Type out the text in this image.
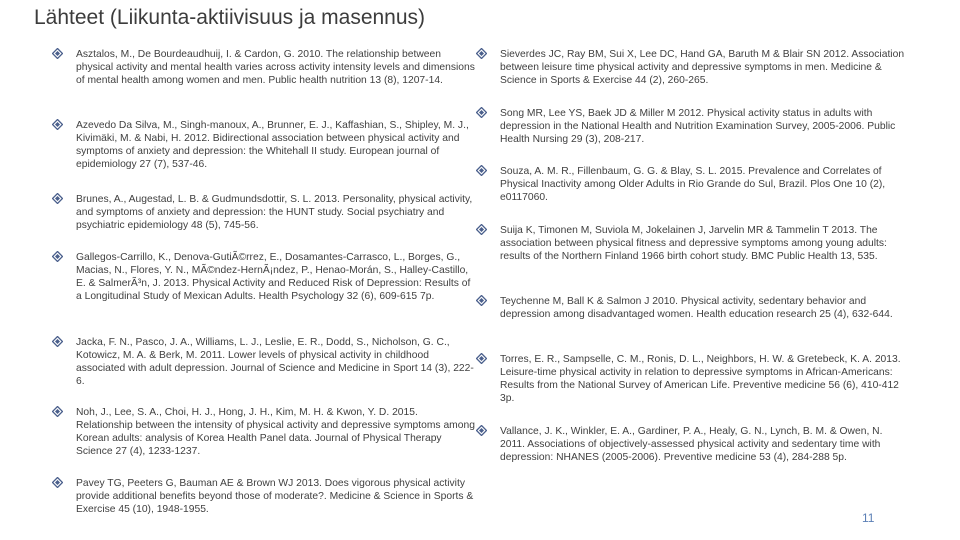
Lähteet (Liikunta-aktiivisuus ja masennus)
Asztalos, M., De Bourdeaudhuij, I. & Cardon, G. 2010. The relationship between physical activity and mental health varies across activity intensity levels and dimensions of mental health among women and men. Public health nutrition 13 (8), 1207-14.
Azevedo Da Silva, M., Singh-manoux, A., Brunner, E. J., Kaffashian, S., Shipley, M. J., Kivimäki, M. & Nabi, H. 2012. Bidirectional association between physical activity and symptoms of anxiety and depression: the Whitehall II study. European journal of epidemiology 27 (7), 537-46.
Brunes, A., Augestad, L. B. & Gudmundsdottir, S. L. 2013. Personality, physical activity, and symptoms of anxiety and depression: the HUNT study. Social psychiatry and psychiatric epidemiology 48 (5), 745-56.
Gallegos-Carrillo, K., Denova-GutiÃ©rrez, E., Dosamantes-Carrasco, L., Borges, G., Macias, N., Flores, Y. N., MÃ©ndez-HernÃ¡ndez, P., Henao-Morán, S., Halley-Castillo, E. & SalmerÃ³n, J. 2013. Physical Activity and Reduced Risk of Depression: Results of a Longitudinal Study of Mexican Adults. Health Psychology 32 (6), 609-615 7p.
Jacka, F. N., Pasco, J. A., Williams, L. J., Leslie, E. R., Dodd, S., Nicholson, G. C., Kotowicz, M. A. & Berk, M. 2011. Lower levels of physical activity in childhood associated with adult depression. Journal of Science and Medicine in Sport 14 (3), 222-6.
Noh, J., Lee, S. A., Choi, H. J., Hong, J. H., Kim, M. H. & Kwon, Y. D. 2015. Relationship between the intensity of physical activity and depressive symptoms among Korean adults: analysis of Korea Health Panel data. Journal of Physical Therapy Science 27 (4), 1233-1237.
Pavey TG, Peeters G, Bauman AE & Brown WJ 2013. Does vigorous physical activity provide additional benefits beyond those of moderate?. Medicine & Science in Sports & Exercise 45 (10), 1948-1955.
Sieverdes JC, Ray BM, Sui X, Lee DC, Hand GA, Baruth M & Blair SN 2012. Association between leisure time physical activity and depressive symptoms in men. Medicine & Science in Sports & Exercise 44 (2), 260-265.
Song MR, Lee YS, Baek JD & Miller M 2012. Physical activity status in adults with depression in the National Health and Nutrition Examination Survey, 2005-2006. Public Health Nursing 29 (3), 208-217.
Souza, A. M. R., Fillenbaum, G. G. & Blay, S. L. 2015. Prevalence and Correlates of Physical Inactivity among Older Adults in Rio Grande do Sul, Brazil. Plos One 10 (2), e0117060.
Suija K, Timonen M, Suviola M, Jokelainen J, Jarvelin MR & Tammelin T 2013. The association between physical fitness and depressive symptoms among young adults: results of the Northern Finland 1966 birth cohort study. BMC Public Health 13, 535.
Teychenne M, Ball K & Salmon J 2010. Physical activity, sedentary behavior and depression among disadvantaged women. Health education research 25 (4), 632-644.
Torres, E. R., Sampselle, C. M., Ronis, D. L., Neighbors, H. W. & Gretebeck, K. A. 2013. Leisure-time physical activity in relation to depressive symptoms in African-Americans: Results from the National Survey of American Life. Preventive medicine 56 (6), 410-412 3p.
Vallance, J. K., Winkler, E. A., Gardiner, P. A., Healy, G. N., Lynch, B. M. & Owen, N. 2011. Associations of objectively-assessed physical activity and sedentary time with depression: NHANES (2005-2006). Preventive medicine 53 (4), 284-288 5p.
11
